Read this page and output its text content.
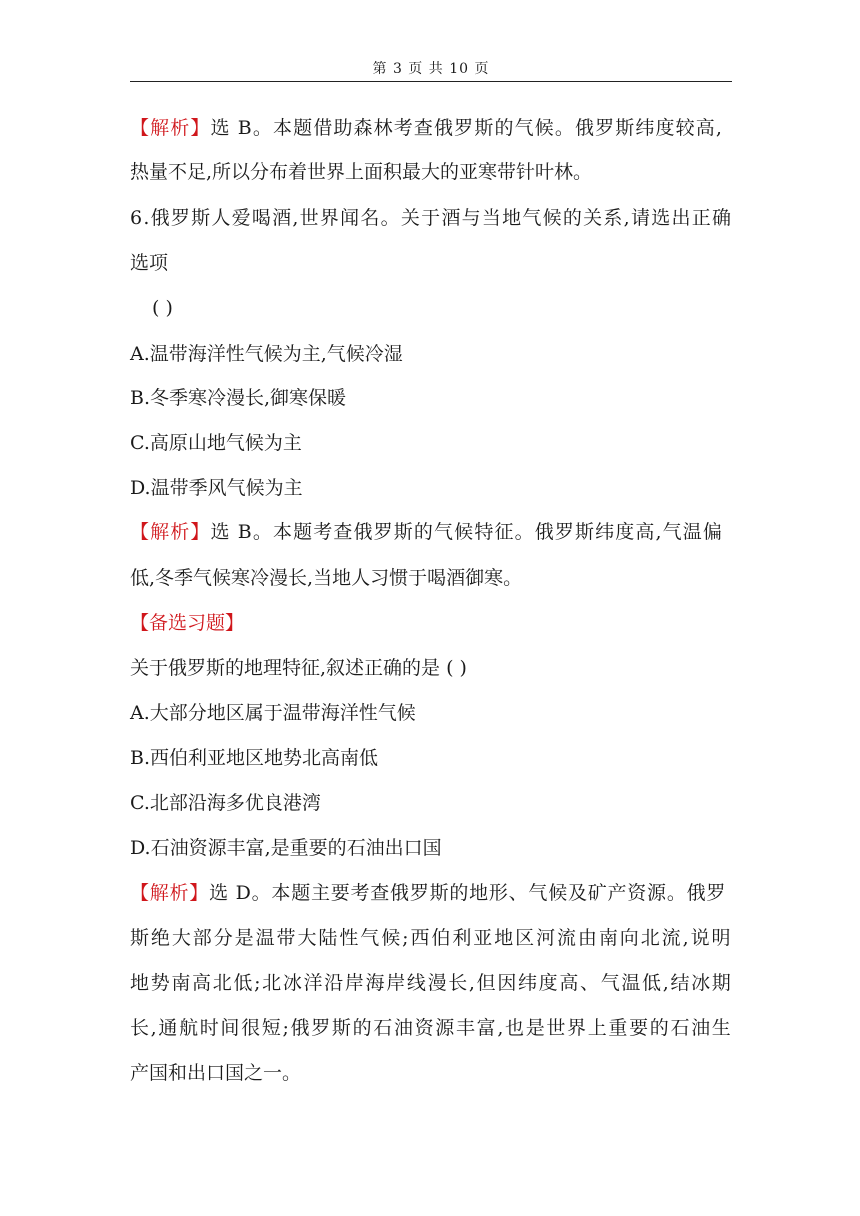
第 3 页 共 10 页
【解析】选 B。本题借助森林考查俄罗斯的气候。俄罗斯纬度较高,
热量不足,所以分布着世界上面积最大的亚寒带针叶林。
6.俄罗斯人爱喝酒,世界闻名。关于酒与当地气候的关系,请选出正确
选项
( )
A.温带海洋性气候为主,气候冷湿
B.冬季寒冷漫长,御寒保暖
C.高原山地气候为主
D.温带季风气候为主
【解析】选 B。本题考查俄罗斯的气候特征。俄罗斯纬度高,气温偏
低,冬季气候寒冷漫长,当地人习惯于喝酒御寒。
【备选习题】
关于俄罗斯的地理特征,叙述正确的是 ( )
A.大部分地区属于温带海洋性气候
B.西伯利亚地区地势北高南低
C.北部沿海多优良港湾
D.石油资源丰富,是重要的石油出口国
【解析】选 D。本题主要考查俄罗斯的地形、气候及矿产资源。俄罗
斯绝大部分是温带大陆性气候;西伯利亚地区河流由南向北流,说明
地势南高北低;北冰洋沿岸海岸线漫长,但因纬度高、气温低,结冰期
长,通航时间很短;俄罗斯的石油资源丰富,也是世界上重要的石油生
产国和出口国之一。
